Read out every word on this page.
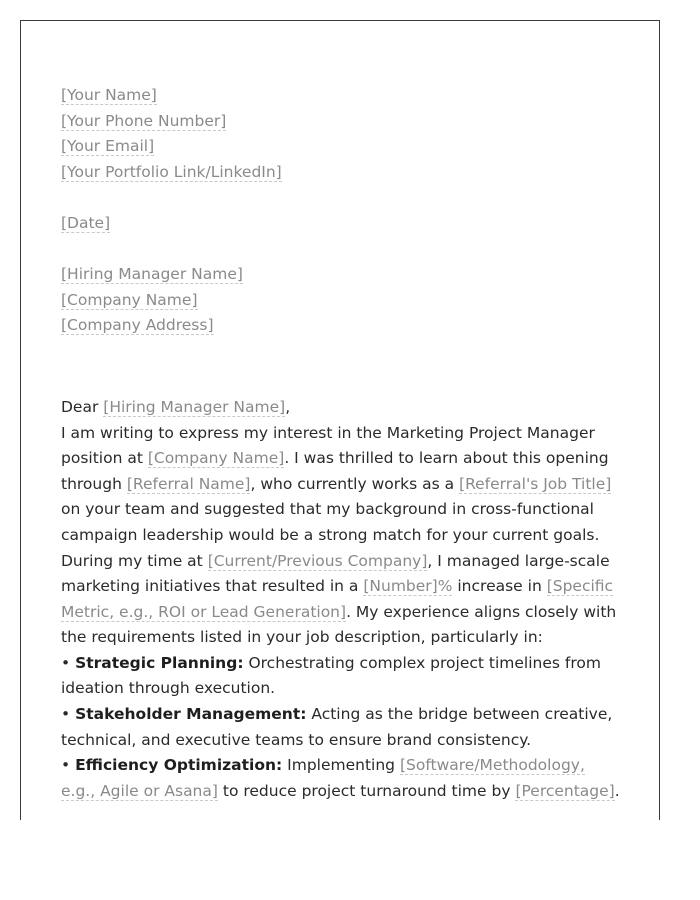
[Your Name]
[Your Phone Number]
[Your Email]
[Your Portfolio Link/LinkedIn]
[Date]
[Hiring Manager Name]
[Company Name]
[Company Address]
Dear [Hiring Manager Name],
I am writing to express my interest in the Marketing Project Manager position at [Company Name]. I was thrilled to learn about this opening through [Referral Name], who currently works as a [Referral's Job Title] on your team and suggested that my background in cross-functional campaign leadership would be a strong match for your current goals.
During my time at [Current/Previous Company], I managed large-scale marketing initiatives that resulted in a [Number]% increase in [Specific Metric, e.g., ROI or Lead Generation]. My experience aligns closely with the requirements listed in your job description, particularly in:
• Strategic Planning: Orchestrating complex project timelines from ideation through execution.
• Stakeholder Management: Acting as the bridge between creative, technical, and executive teams to ensure brand consistency.
• Efficiency Optimization: Implementing [Software/Methodology, e.g., Agile or Asana] to reduce project turnaround time by [Percentage].
